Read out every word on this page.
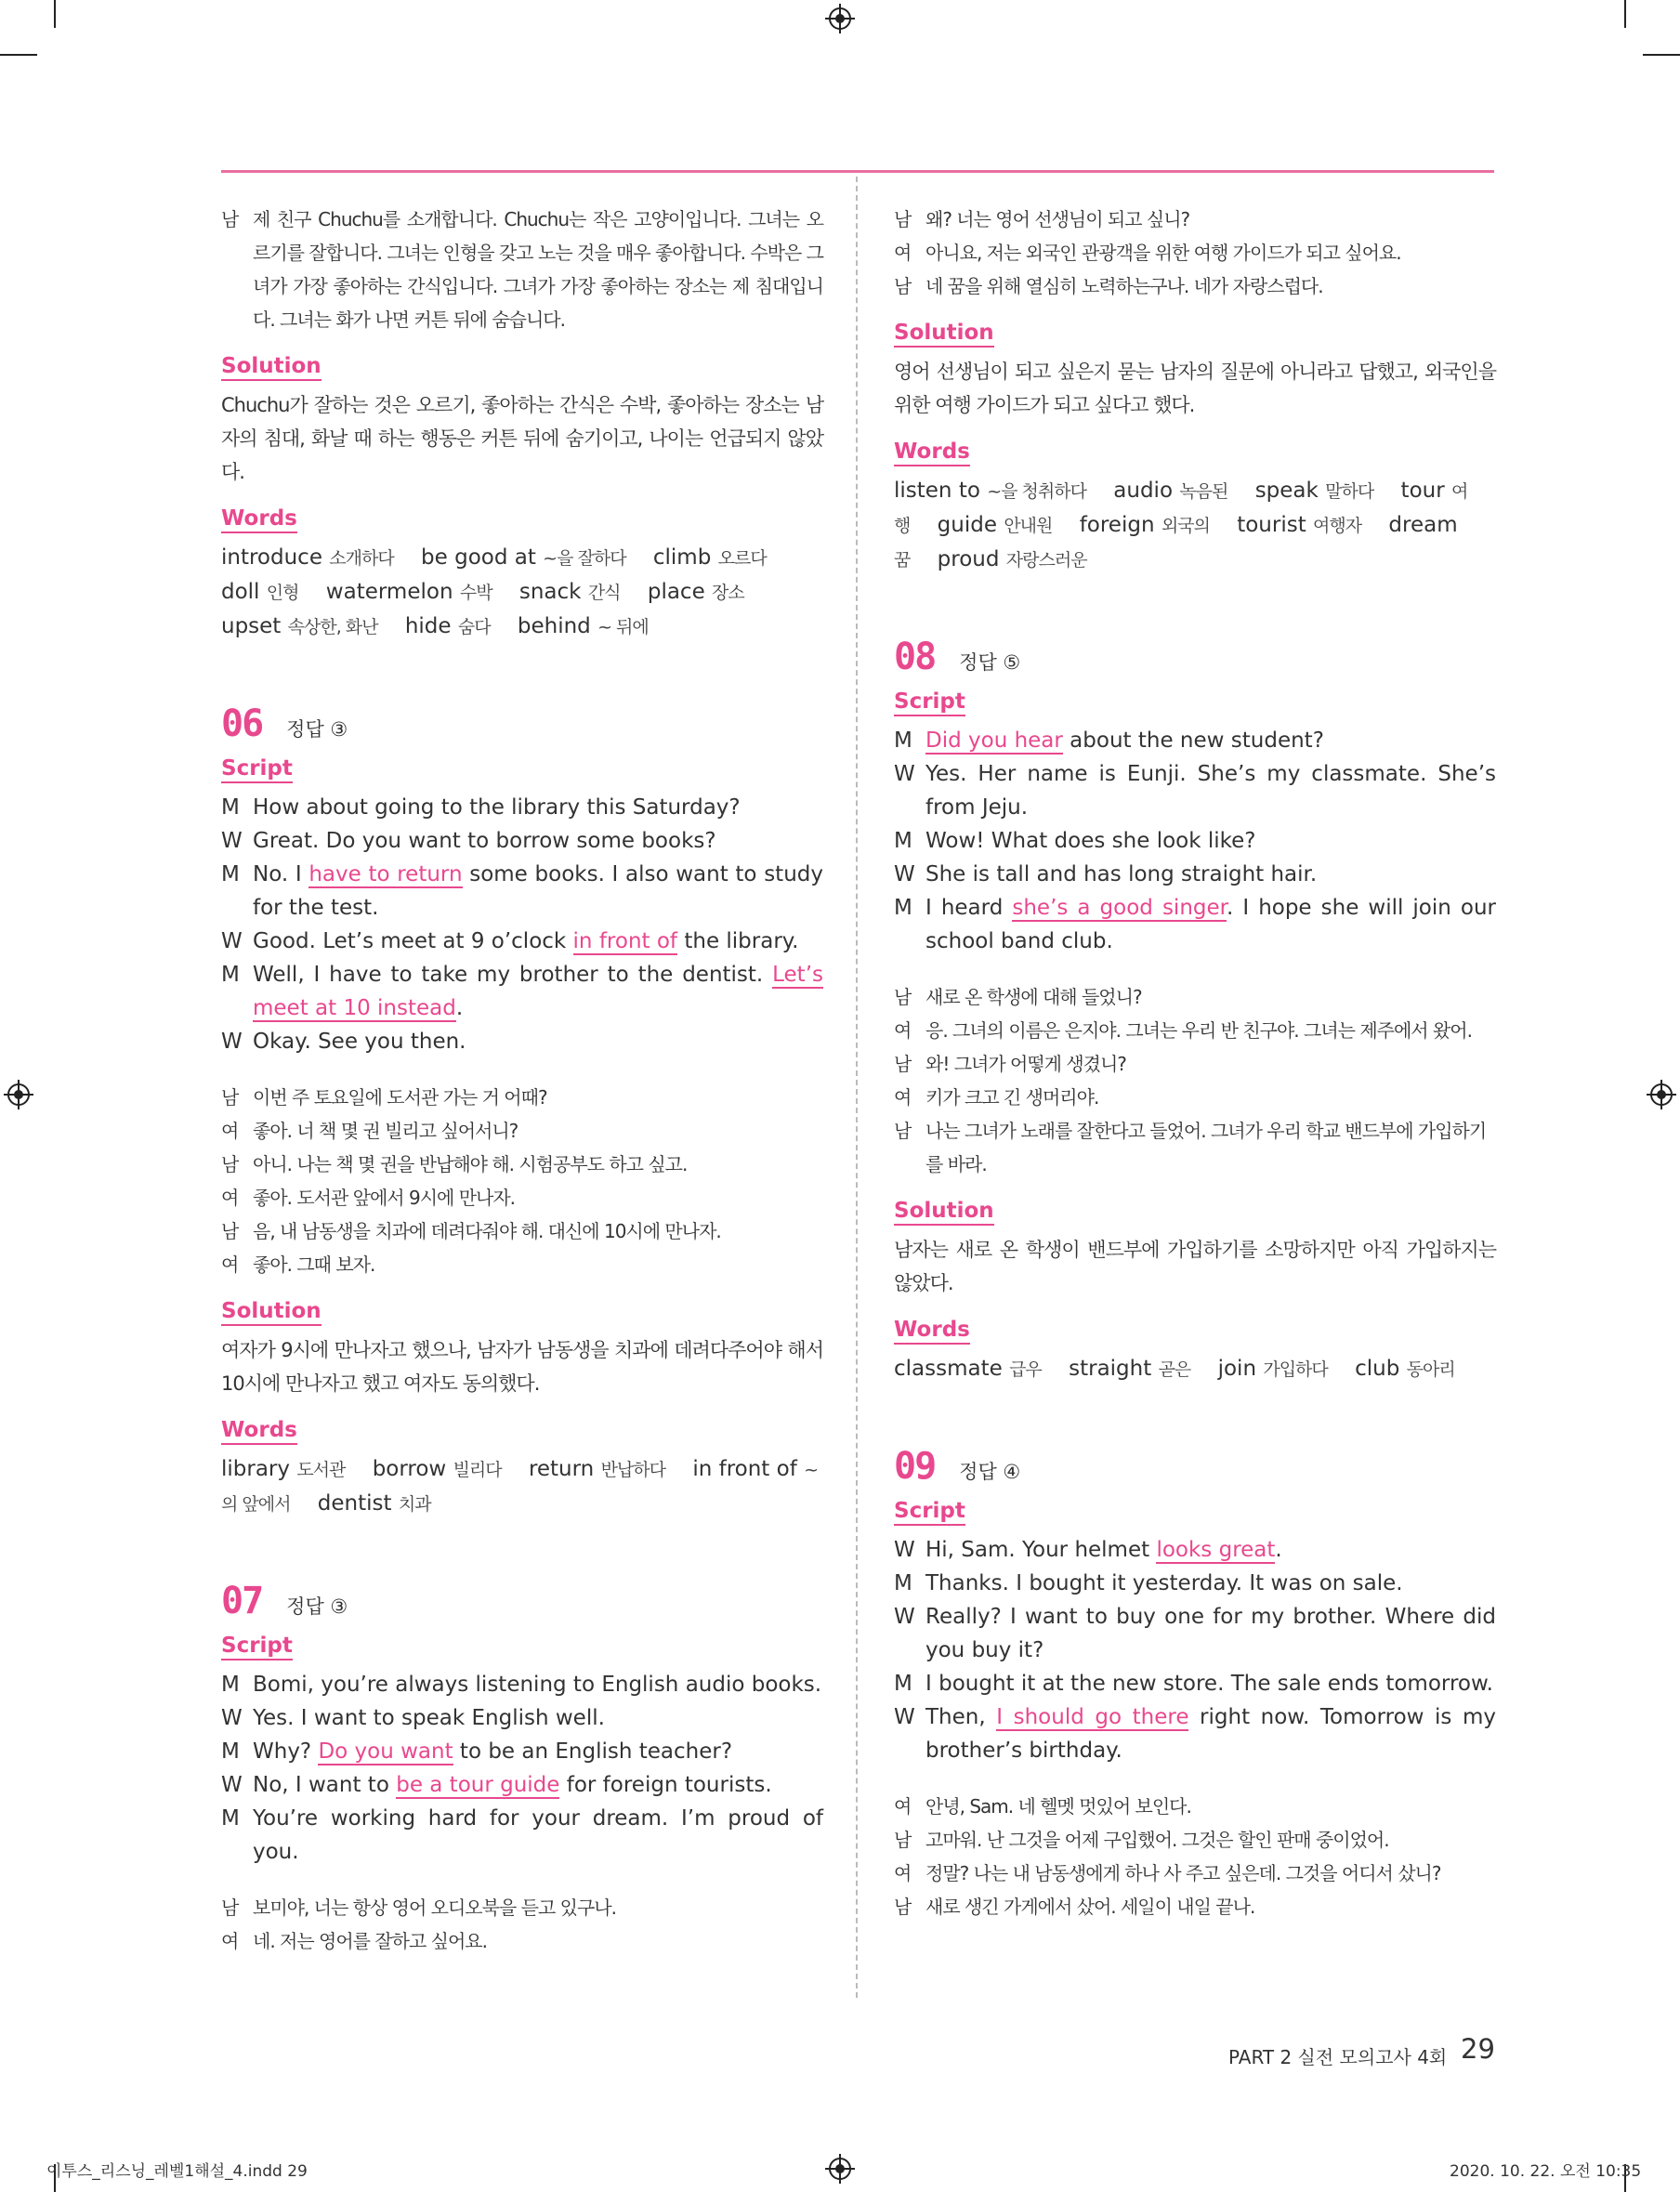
남 제 친구 Chuchu를 소개합니다. Chuchu는 작은 고양이입니다. 그녀는 오르기를 잘합니다. 그녀는 인형을 갖고 노는 것을 매우 좋아합니다. 수박은 그녀가 가장 좋아하는 간식입니다. 그녀가 가장 좋아하는 장소는 제 침대입니다. 그녀는 화가 나면 커튼 뒤에 숨습니다.
Solution

Chuchu가 잘하는 것은 오르기, 좋아하는 간식은 수박, 좋아하는 장소는 남자의 침대, 화날 때 하는 행동은 커튼 뒤에 숨기이고, 나이는 언급되지 않았다.

Words
introduce 소개하다 be good at ~을 잘하다 climb 오르다 doll 인형 watermelon 수박 snack 간식 place 장소 upset 속상한, 화난 hide 숨다 behind ~ 뒤에
06 정답 ③
Script
M How about going to the library this Saturday?
W Great. Do you want to borrow some books?
M No. I have to return some books. I also want to study for the test.
W Good. Let’s meet at 9 o’clock in front of the library.
M Well, I have to take my brother to the dentist. Let’s meet at 10 instead.
W Okay. See you then.
남 이번 주 토요일에 도서관 가는 거 어때?
여 좋아. 너 책 몇 권 빌리고 싶어서니?
남 아니. 나는 책 몇 권을 반납해야 해. 시험공부도 하고 싶고.
여 좋아. 도서관 앞에서 9시에 만나자.
남 음, 내 남동생을 치과에 데려다줘야 해. 대신에 10시에 만나자.
여 좋아. 그때 보자.
Solution

여자가 9시에 만나자고 했으나, 남자가 남동생을 치과에 데려다주어야 해서 10시에 만나자고 했고 여자도 동의했다.

Words
library 도서관 borrow 빌리다 return 반납하다 in front of ~의 앞에서 dentist 치과
07 정답 ③
Script
M Bomi, you’re always listening to English audio books.
W Yes. I want to speak English well.
M Why? Do you want to be an English teacher?
W No, I want to be a tour guide for foreign tourists.
M You’re working hard for your dream. I’m proud of you.
남 보미야, 너는 항상 영어 오디오북을 듣고 있구나.
여 네. 저는 영어를 잘하고 싶어요.
남 왜? 너는 영어 선생님이 되고 싶니?
여 아니요, 저는 외국인 관광객을 위한 여행 가이드가 되고 싶어요.
남 네 꿈을 위해 열심히 노력하는구나. 네가 자랑스럽다.
Solution

영어 선생님이 되고 싶은지 묻는 남자의 질문에 아니라고 답했고, 외국인을 위한 여행 가이드가 되고 싶다고 했다.

Words
listen to ~을 청취하다 audio 녹음된 speak 말하다 tour 여행 guide 안내원 foreign 외국의 tourist 여행자 dream 꿈 proud 자랑스러운
08 정답 ⑤
Script
M Did you hear about the new student?
W Yes. Her name is Eunji. She’s my classmate. She’s from Jeju.
M Wow! What does she look like?
W She is tall and has long straight hair.
M I heard she’s a good singer. I hope she will join our school band club.
남 새로 온 학생에 대해 들었니?
여 응. 그녀의 이름은 은지야. 그녀는 우리 반 친구야. 그녀는 제주에서 왔어.
남 와! 그녀가 어떻게 생겼니?
여 키가 크고 긴 생머리야.
남 나는 그녀가 노래를 잘한다고 들었어. 그녀가 우리 학교 밴드부에 가입하기를 바라.
Solution

남자는 새로 온 학생이 밴드부에 가입하기를 소망하지만 아직 가입하지는 않았다.

Words
classmate 급우 straight 곧은 join 가입하다 club 동아리
09 정답 ④
Script
W Hi, Sam. Your helmet looks great.
M Thanks. I bought it yesterday. It was on sale.
W Really? I want to buy one for my brother. Where did you buy it?
M I bought it at the new store. The sale ends tomorrow.
W Then, I should go there right now. Tomorrow is my brother’s birthday.
여 안녕, Sam. 네 헬멧 멋있어 보인다.
남 고마워. 난 그것을 어제 구입했어. 그것은 할인 판매 중이었어.
여 정말? 나는 내 남동생에게 하나 사 주고 싶은데. 그것을 어디서 샀니?
남 새로 생긴 가게에서 샀어. 세일이 내일 끝나.
PART 2 실전 모의고사 4회 29
이투스_리스닝_레벨1해설_4.indd 29	2020. 10. 22. 오전 10:35
